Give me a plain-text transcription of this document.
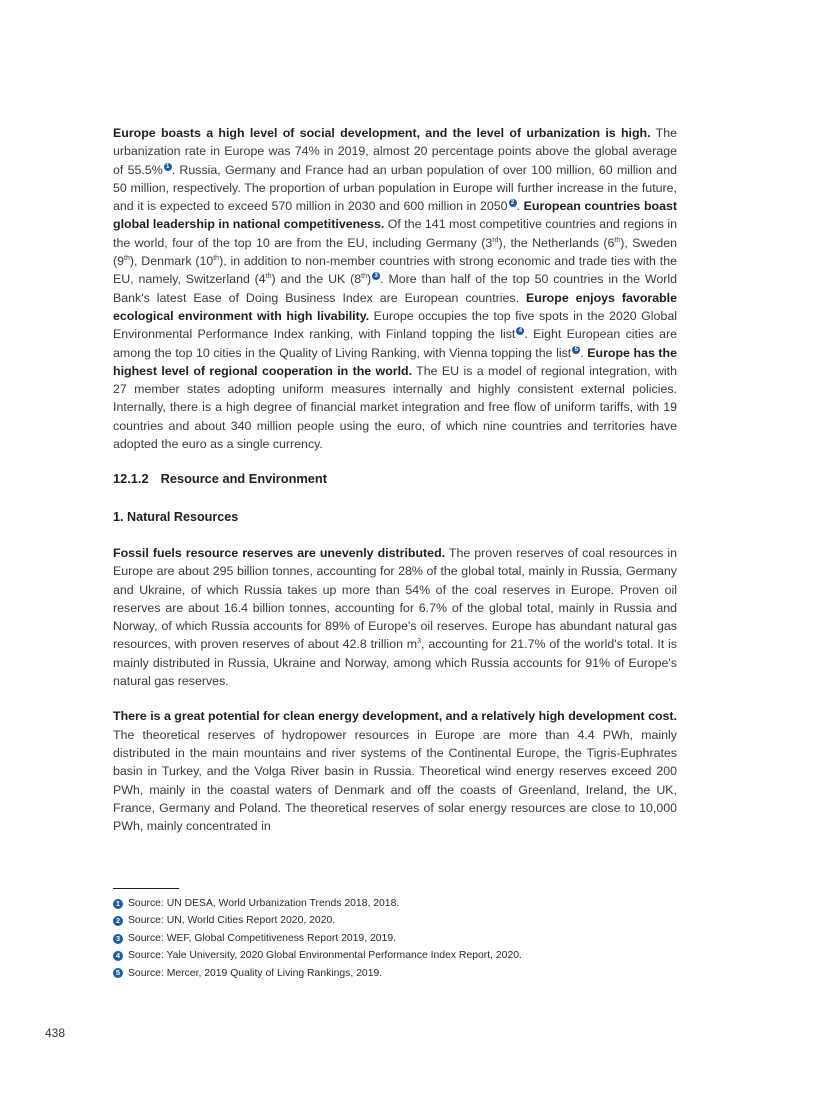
Europe boasts a high level of social development, and the level of urbanization is high. The urbanization rate in Europe was 74% in 2019, almost 20 percentage points above the global average of 55.5% $^1$ . Russia, Germany and France had an urban population of over 100 million, 60 million and 50 million, respectively. The proportion of urban population in Europe will further increase in the future, and it is expected to exceed 570 million in 2030 and 600 million in 2050 $^2$ . European countries boast global leadership in national competitiveness. Of the 141 most competitive countries and regions in the world, four of the top 10 are from the EU, including Germany (3rd), the Netherlands (6th), Sweden (9th), Denmark (10th), in addition to non-member countries with strong economic and trade ties with the EU, namely, Switzerland (4th) and the UK (8th) $^3$ . More than half of the top 50 countries in the World Bank's latest Ease of Doing Business Index are European countries. Europe enjoys favorable ecological environment with high livability. Europe occupies the top five spots in the 2020 Global Environmental Performance Index ranking, with Finland topping the list $^4$ . Eight European cities are among the top 10 cities in the Quality of Living Ranking, with Vienna topping the list $^5$ . Europe has the highest level of regional cooperation in the world. The EU is a model of regional integration, with 27 member states adopting uniform measures internally and highly consistent external policies. Internally, there is a high degree of financial market integration and free flow of uniform tariffs, with 19 countries and about 340 million people using the euro, of which nine countries and territories have adopted the euro as a single currency.

12.1.2 Resource and Environment
1. Natural Resources

Fossil fuels resource reserves are unevenly distributed. The proven reserves of coal resources in Europe are about 295 billion tonnes, accounting for 28% of the global total, mainly in Russia, Germany and Ukraine, of which Russia takes up more than 54% of the coal reserves in Europe. Proven oil reserves are about 16.4 billion tonnes, accounting for 6.7% of the global total, mainly in Russia and Norway, of which Russia accounts for 89% of Europe's oil reserves. Europe has abundant natural gas resources, with proven reserves of about 42.8 trillion $m^3$, accounting for 21.7% of the world's total. It is mainly distributed in Russia, Ukraine and Norway, among which Russia accounts for 91% of Europe's natural gas reserves.

There is a great potential for clean energy development, and a relatively high development cost. The theoretical reserves of hydropower resources in Europe are more than 4.4 PWh, mainly distributed in the main mountains and river systems of the Continental Europe, the Tigris-Euphrates basin in Turkey, and the Volga River basin in Russia. Theoretical wind energy reserves exceed 200 PWh, mainly in the coastal waters of Denmark and off the coasts of Greenland, Ireland, the UK, France, Germany and Poland. The theoretical reserves of solar energy resources are close to 10,000 PWh, mainly concentrated in

1 Source: UN DESA, World Urbanization Trends 2018, 2018.
2 Source: UN, World Cities Report 2020, 2020.
3 Source: WEF, Global Competitiveness Report 2019, 2019.
4 Source: Yale University, 2020 Global Environmental Performance Index Report, 2020.
5 Source: Mercer, 2019 Quality of Living Rankings, 2019.
438
